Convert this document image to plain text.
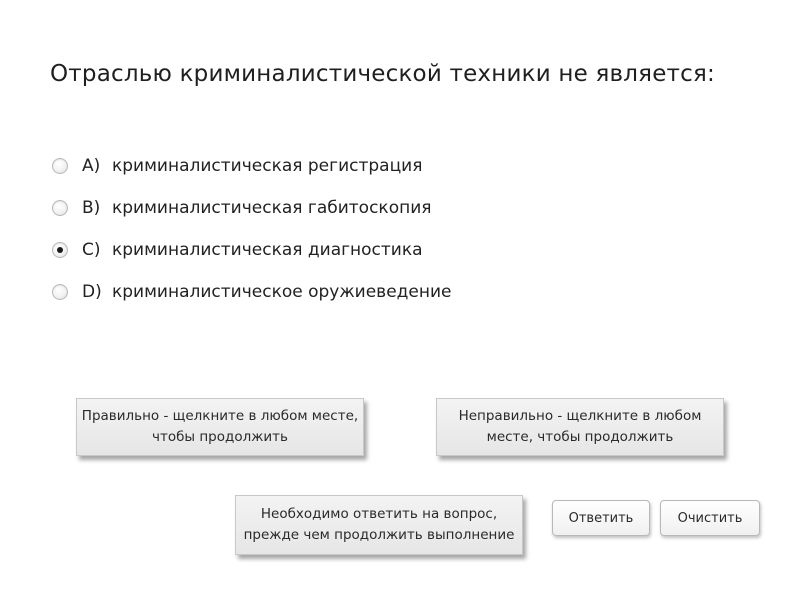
Отраслью криминалистической техники не является:
A) криминалистическая регистрация
B) криминалистическая габитоскопия
C) криминалистическая диагностика
D) криминалистическое оружиеведение
Правильно - щелкните в любом месте,
чтобы продолжить
Неправильно - щелкните в любом
месте, чтобы продолжить
Необходимо ответить на вопрос,
прежде чем продолжить выполнение
Ответить	Очистить
